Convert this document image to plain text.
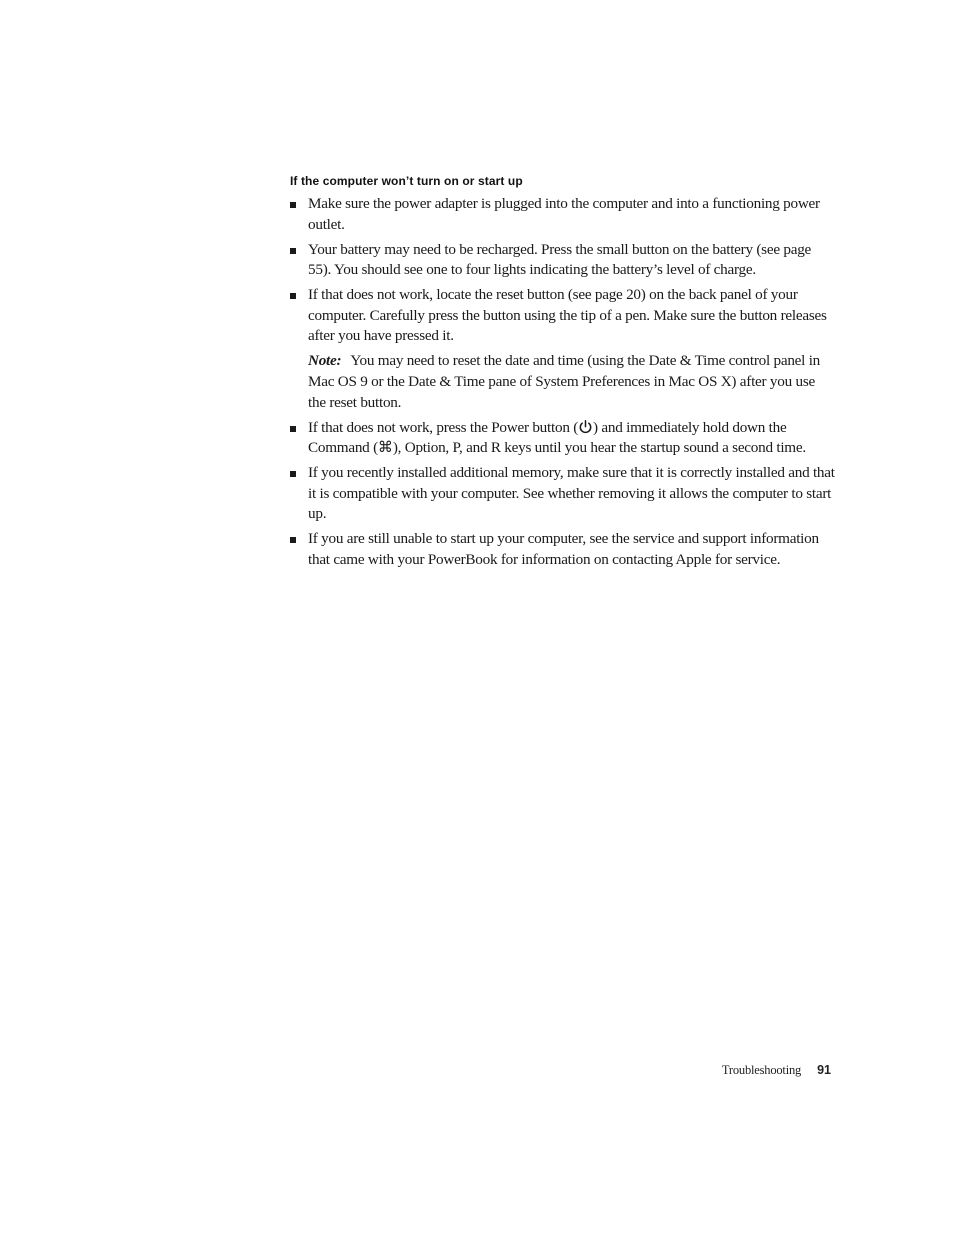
If the computer won’t turn on or start up
Make sure the power adapter is plugged into the computer and into a functioning power outlet.
Your battery may need to be recharged. Press the small button on the battery (see page 55). You should see one to four lights indicating the battery’s level of charge.
If that does not work, locate the reset button (see page 20) on the back panel of your computer. Carefully press the button using the tip of a pen. Make sure the button releases after you have pressed it.
Note: You may need to reset the date and time (using the Date & Time control panel in Mac OS 9 or the Date & Time pane of System Preferences in Mac OS X) after you use the reset button.
If that does not work, press the Power button ( ) and immediately hold down the Command (⌘), Option, P, and R keys until you hear the startup sound a second time.
If you recently installed additional memory, make sure that it is correctly installed and that it is compatible with your computer. See whether removing it allows the computer to start up.
If you are still unable to start up your computer, see the service and support information that came with your PowerBook for information on contacting Apple for service.
Troubleshooting 91
